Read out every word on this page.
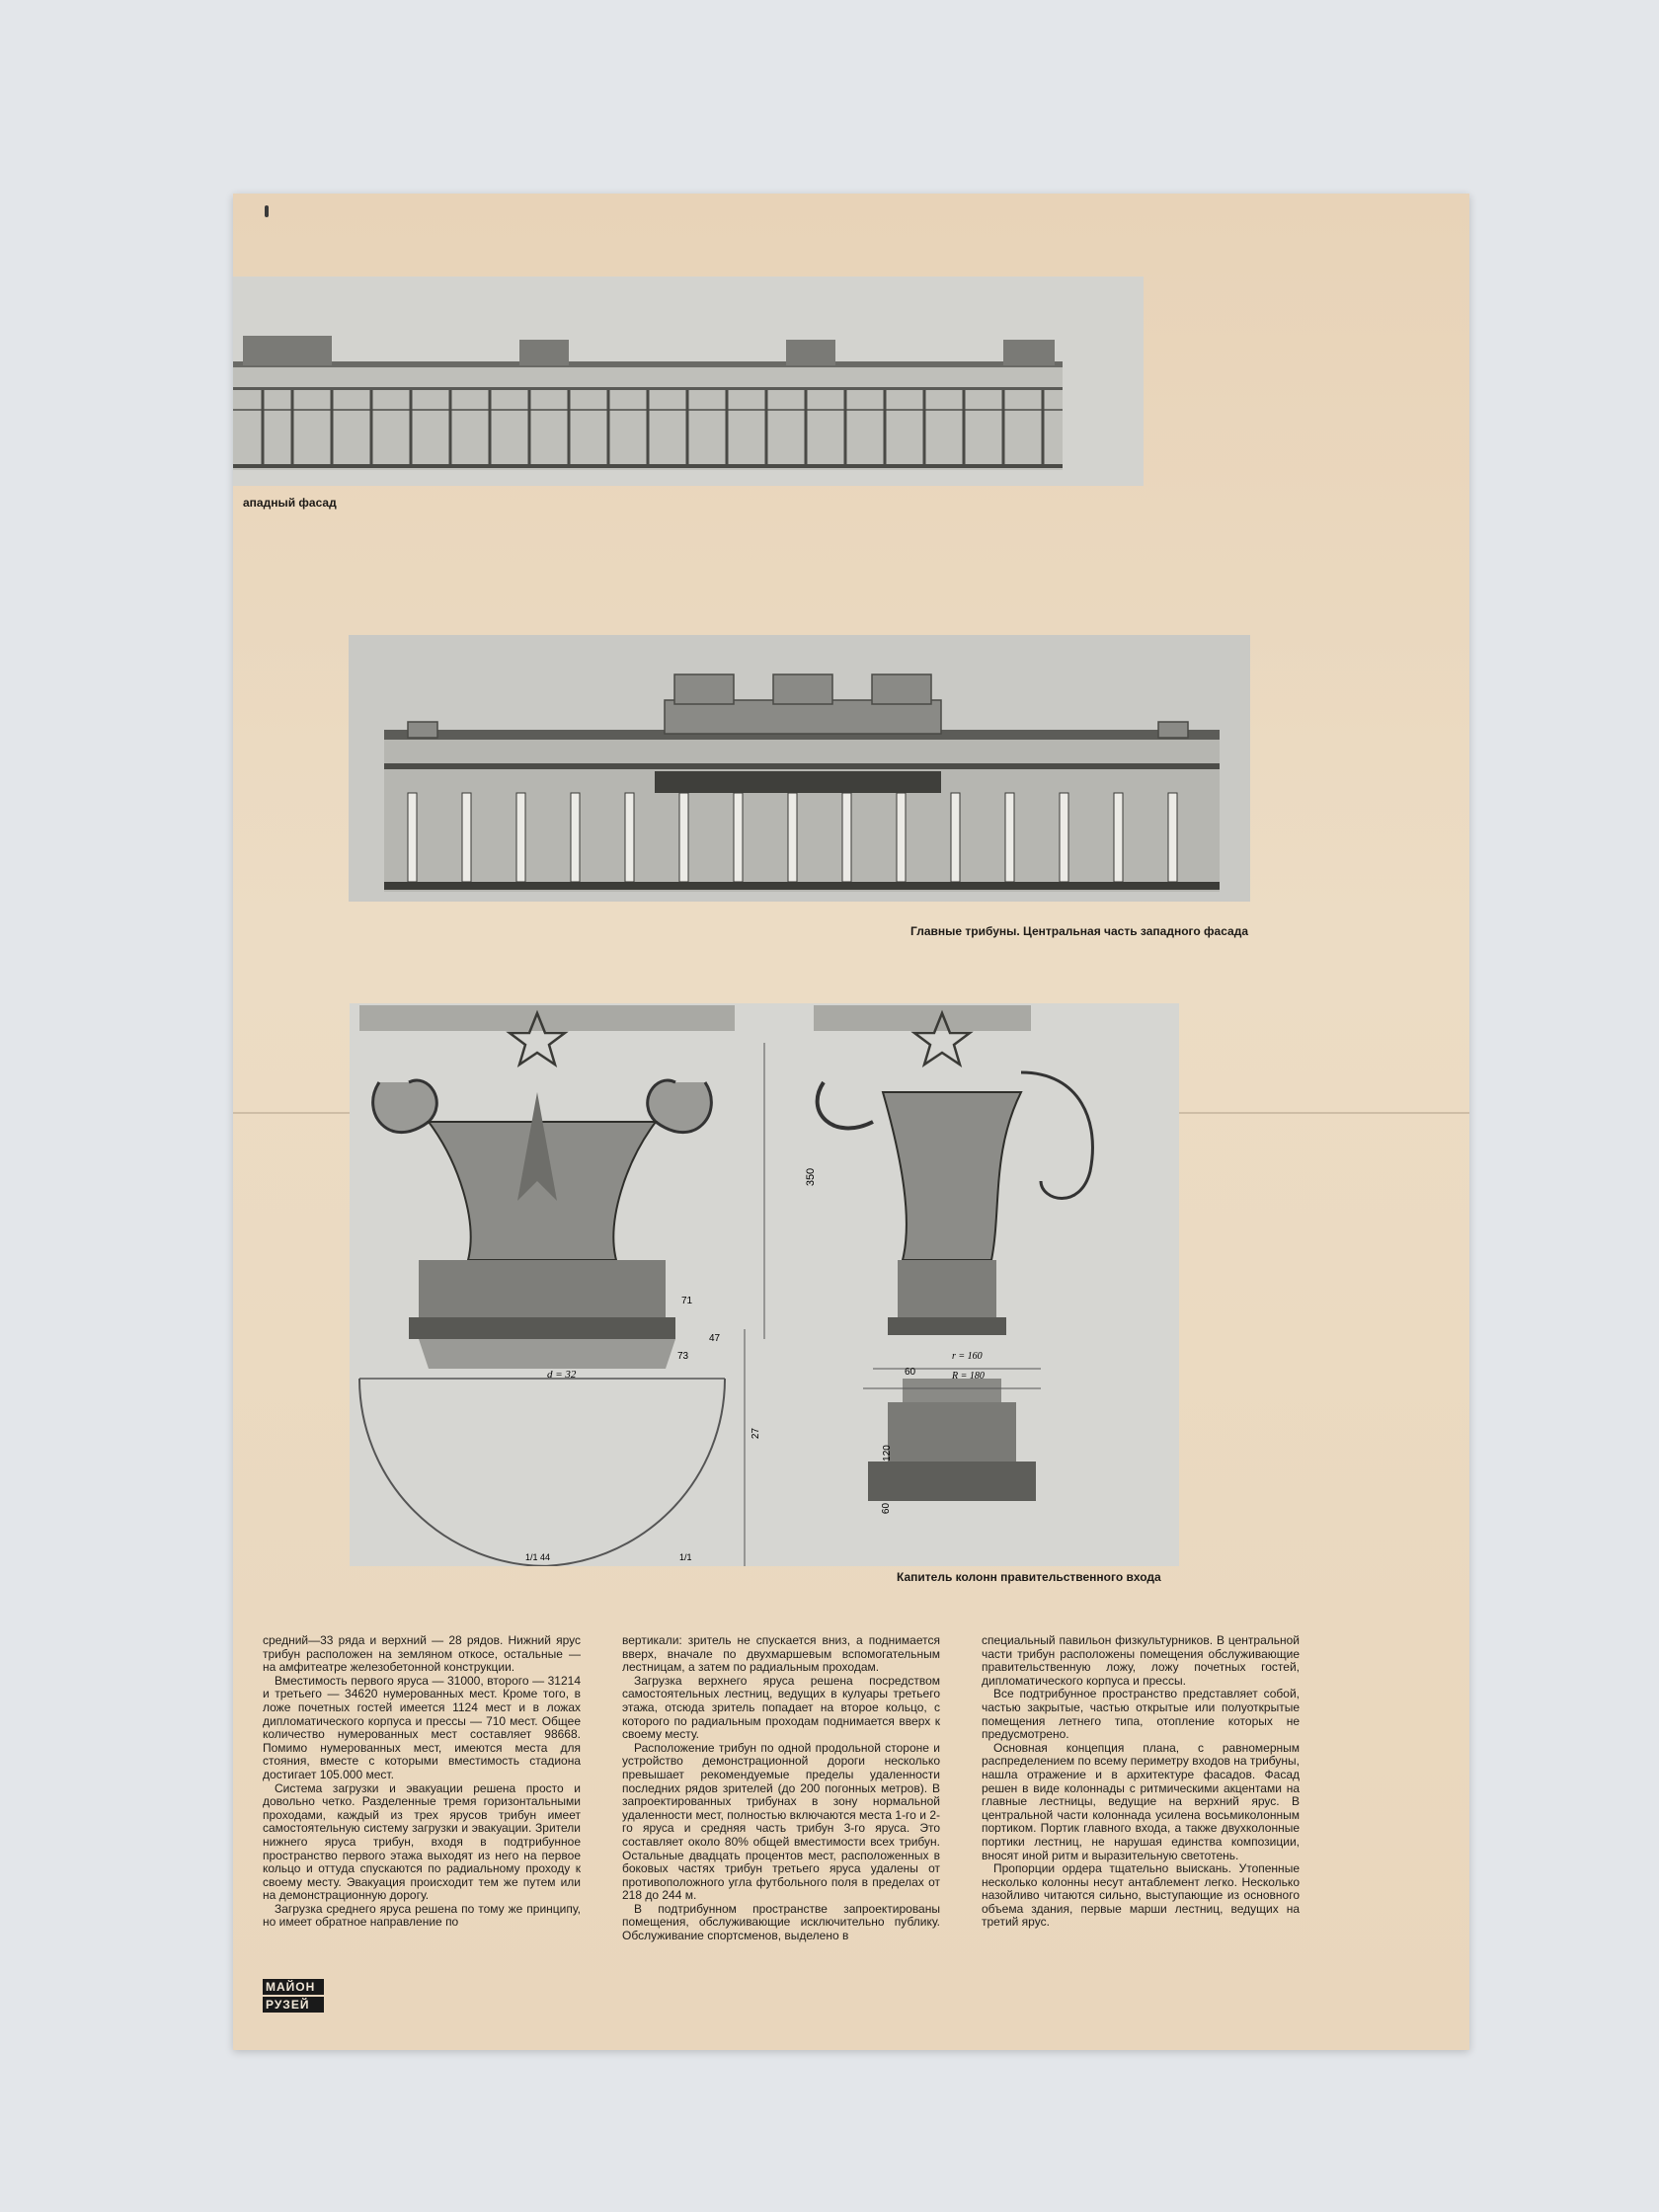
ападный фасад
Главные трибуны. Центральная часть западного фасада
350
d = 32
71
47
73
27
60
120
60
r = 160
R = 180
1/1 44	1/1
Капитель колонн правительственного входа

средний—33 ряда и верхний — 28 рядов. Нижний ярус трибун расположен на земляном откосе, остальные — на амфитеатре железобетонной конструкции.

Вместимость первого яруса — 31000, второго — 31214 и третьего — 34620 нумерованных мест. Кроме того, в ложе почетных гостей имеется 1124 мест и в ложах дипломатического корпуса и прессы — 710 мест. Общее количество нумерованных мест составляет 98668. Помимо нумерованных мест, имеются места для стояния, вместе с которыми вместимость стадиона достигает 105.000 мест.

Система загрузки и эвакуации решена просто и довольно четко. Разделенные тремя горизонтальными проходами, каждый из трех ярусов трибун имеет самостоятельную систему загрузки и эвакуации. Зрители нижнего яруса трибун, входя в подтрибунное пространство первого этажа выходят из него на первое кольцо и оттуда спускаются по радиальному проходу к своему месту. Эвакуация происходит тем же путем или на демонстрационную дорогу.

Загрузка среднего яруса решена по тому же принципу, но имеет обратное направление по

вертикали: зритель не спускается вниз, а поднимается вверх, вначале по двухмаршевым вспомогательным лестницам, а затем по радиальным проходам.

Загрузка верхнего яруса решена посредством самостоятельных лестниц, ведущих в кулуары третьего этажа, отсюда зритель попадает на второе кольцо, с которого по радиальным проходам поднимается вверх к своему месту.

Расположение трибун по одной продольной стороне и устройство демонстрационной дороги несколько превышает рекомендуемые пределы удаленности последних рядов зрителей (до 200 погонных метров). В запроектированных трибунах в зону нормальной удаленности мест, полностью включаются места 1-го и 2-го яруса и средняя часть трибун 3-го яруса. Это составляет около 80% общей вместимости всех трибун. Остальные двадцать процентов мест, расположенных в боковых частях трибун третьего яруса удалены от противоположного угла футбольного поля в пределах от 218 до 244 м.

В подтрибунном пространстве запроектированы помещения, обслуживающие исключительно публику. Обслуживание спортсменов, выделено в

специальный павильон физкультурников. В центральной части трибун расположены помещения обслуживающие правительственную ложу, ложу почетных гостей, дипломатического корпуса и прессы.

Все подтрибунное пространство представляет собой, частью закрытые, частью открытые или полуоткрытые помещения летнего типа, отопление которых не предусмотрено.

Основная концепция плана, с равномерным распределением по всему периметру входов на трибуны, нашла отражение и в архитектуре фасадов. Фасад решен в виде колоннады с ритмическими акцентами на главные лестницы, ведущие на верхний ярус. В центральной части колоннада усилена восьмиколонным портиком. Портик главного входа, а также двухколонные портики лестниц, не нарушая единства композиции, вносят иной ритм и выразительную светотень.

Пропорции ордера тщательно выискань. Утопенные несколько колонны несут антаблемент легко. Несколько назойливо читаются сильно, выступающие из основного объема здания, первые марши лестниц, ведущих на третий ярус.

МАЙОН
РУЗЕЙ
